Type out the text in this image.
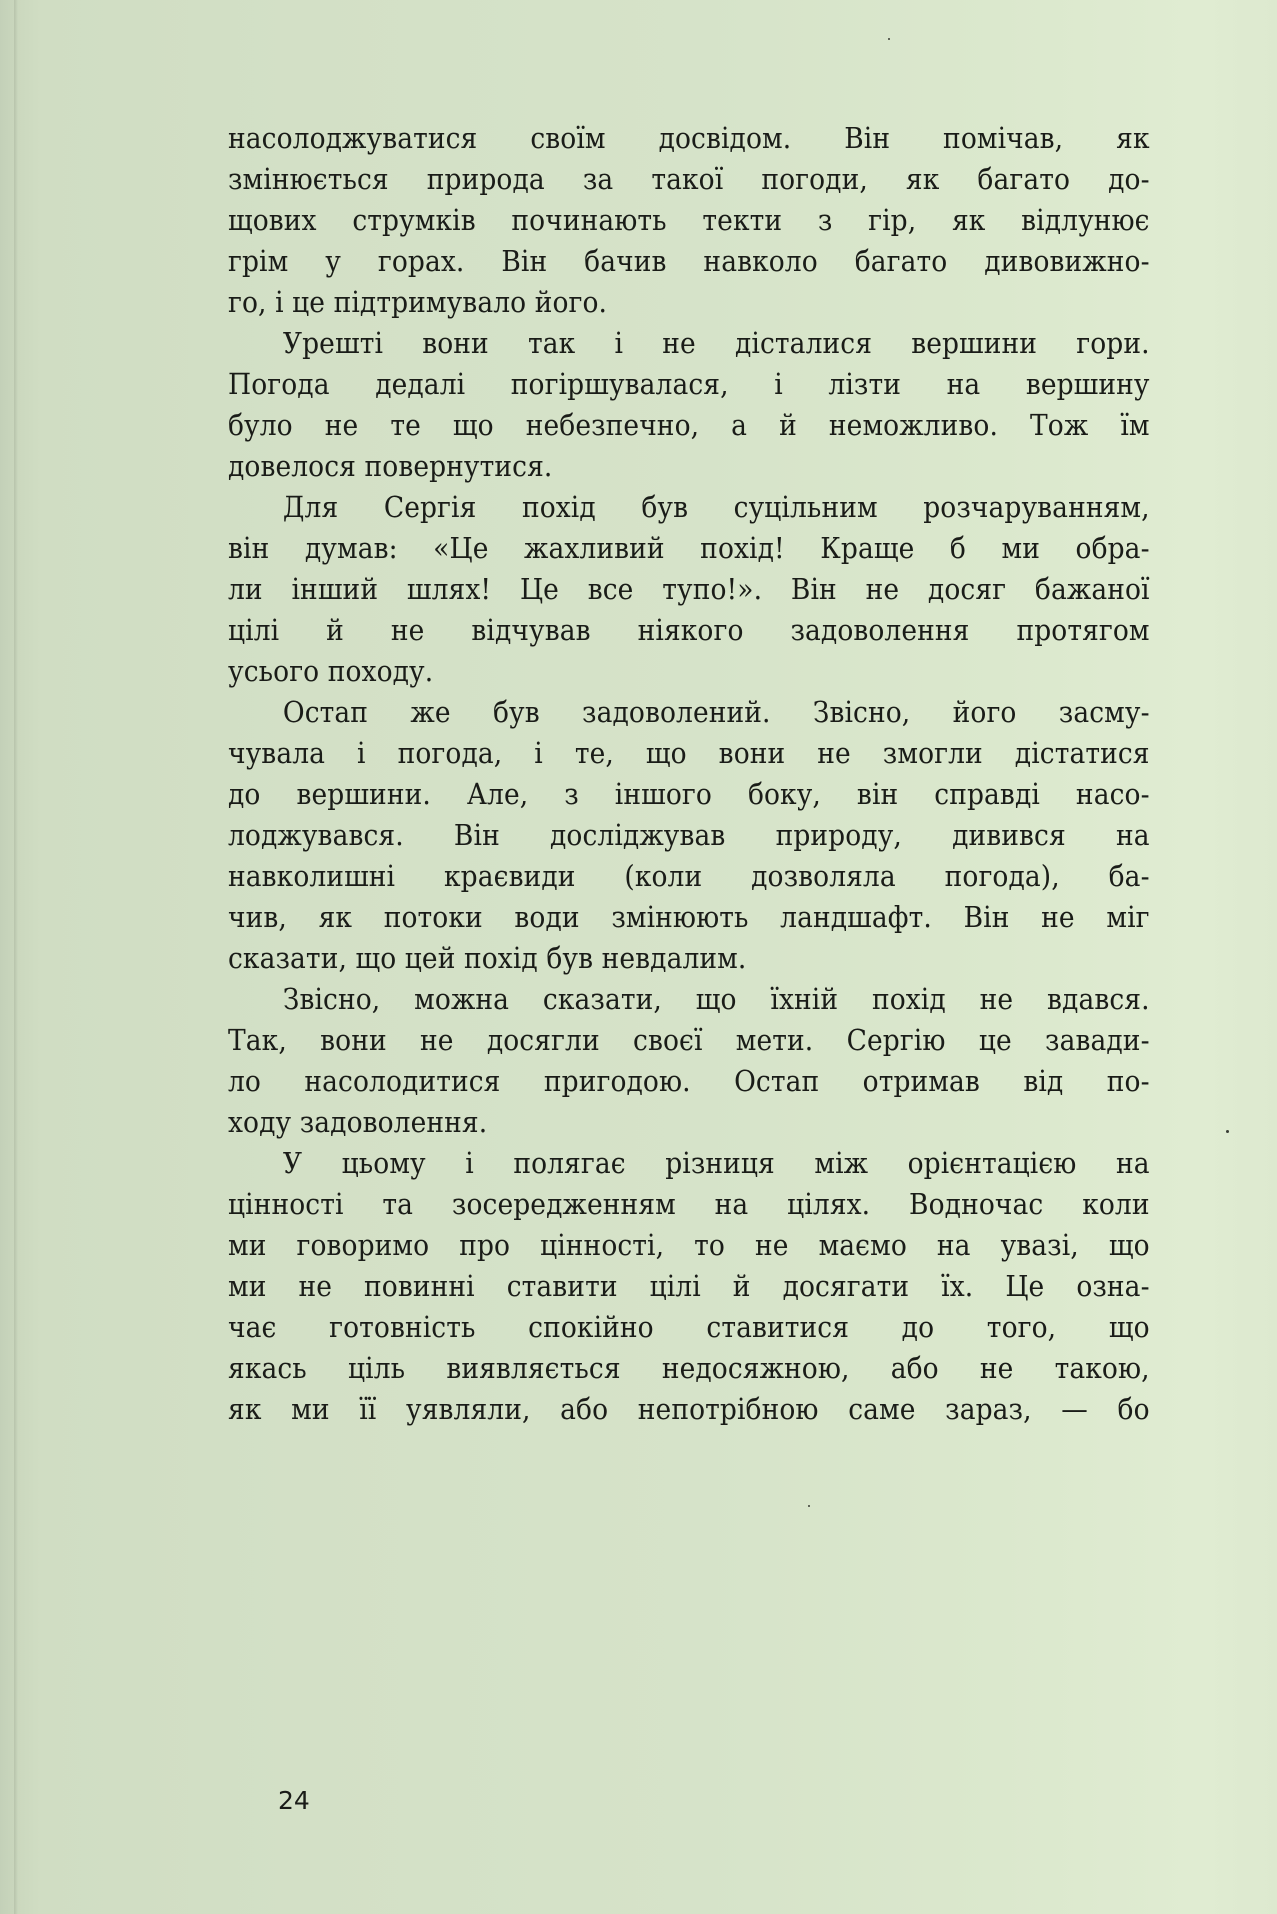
насолоджуватися своїм досвідом. Він помічав, як
змінюється природа за такої погоди, як багато до-
щових струмків починають текти з гір, як відлунює
грім у горах. Він бачив навколо багато дивовижно-
го, і це підтримувало його.
Урешті вони так і не дісталися вершини гори.
Погода дедалі погіршувалася, і лізти на вершину
було не те що небезпечно, а й неможливо. Тож їм
довелося повернутися.
Для Сергія похід був суцільним розчаруванням,
він думав: «Це жахливий похід! Краще б ми обра-
ли інший шлях! Це все тупо!». Він не досяг бажаної
цілі й не відчував ніякого задоволення протягом
усього походу.
Остап же був задоволений. Звісно, його засму-
чувала і погода, і те, що вони не змогли дістатися
до вершини. Але, з іншого боку, він справді насо-
лоджувався. Він досліджував природу, дивився на
навколишні краєвиди (коли дозволяла погода), ба-
чив, як потоки води змінюють ландшафт. Він не міг
сказати, що цей похід був невдалим.
Звісно, можна сказати, що їхній похід не вдався.
Так, вони не досягли своєї мети. Сергію це завади-
ло насолодитися пригодою. Остап отримав від по-
ходу задоволення.
У цьому і полягає різниця між орієнтацією на
цінності та зосередженням на цілях. Водночас коли
ми говоримо про цінності, то не маємо на увазі, що
ми не повинні ставити цілі й досягати їх. Це озна-
чає готовність спокійно ставитися до того, що
якась ціль виявляється недосяжною, або не такою,
як ми її уявляли, або непотрібною саме зараз, — бо
24
